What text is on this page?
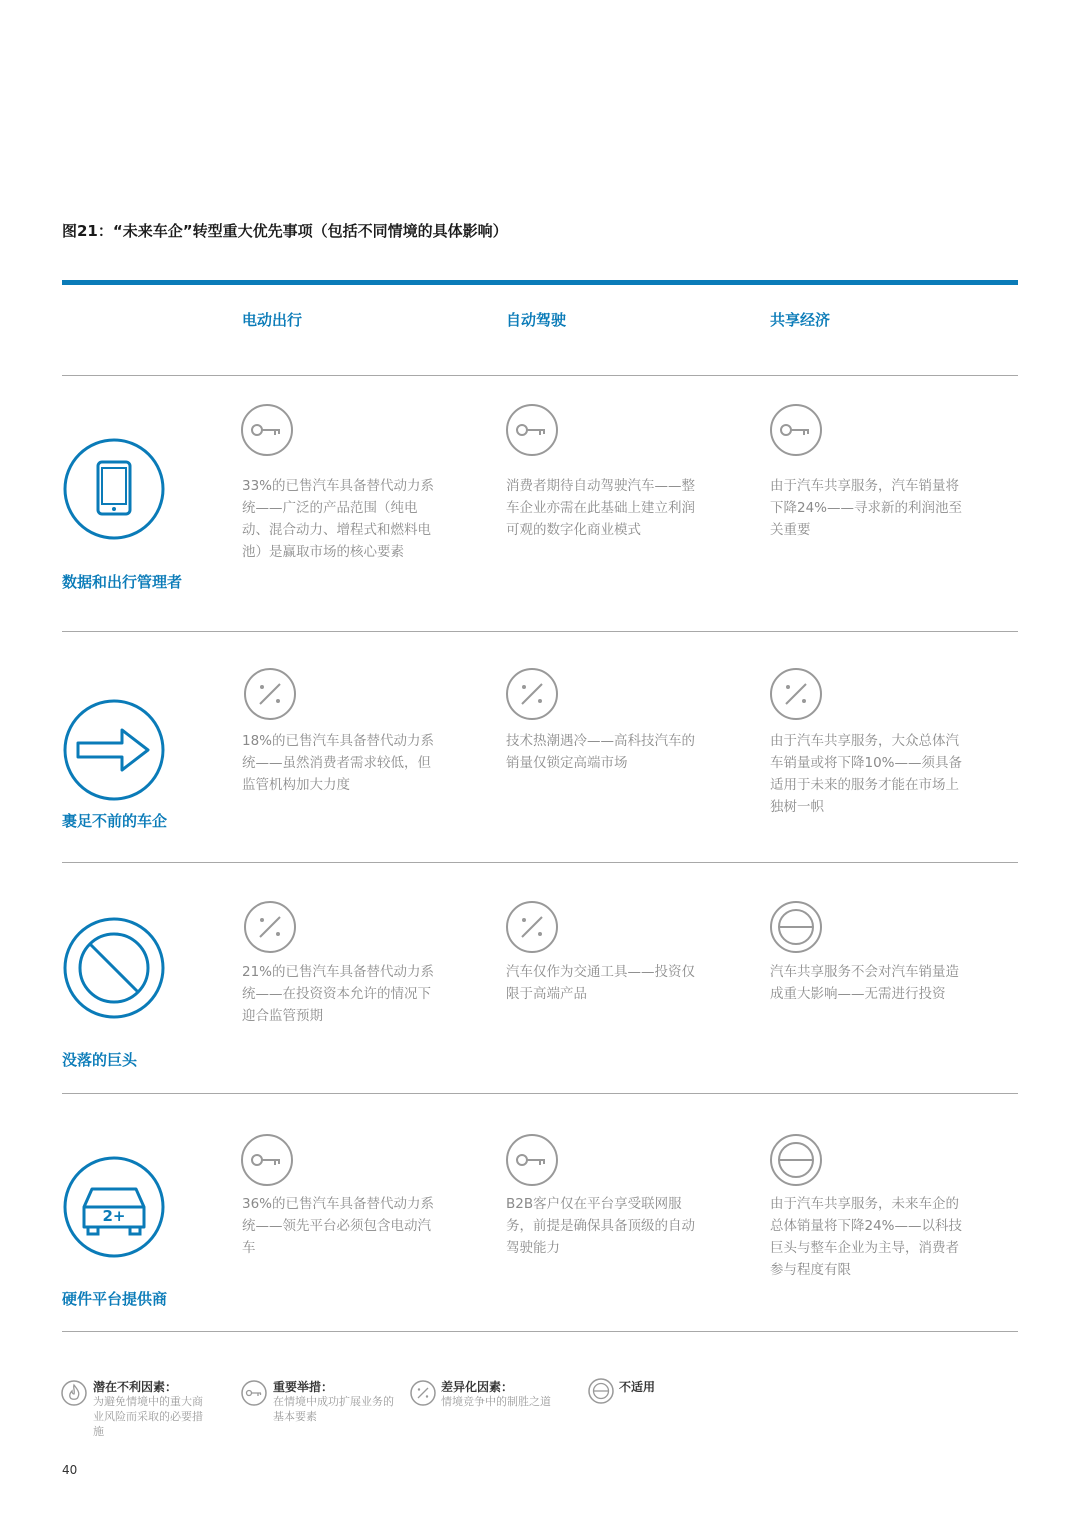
图21：“未来车企”转型重大优先事项（包括不同情境的具体影响）
电动出行	自动驾驶	共享经济
数据和出行管理者
33%的已售汽车具备替代动力系统——广泛的产品范围（纯电动、混合动力、增程式和燃料电池）是赢取市场的核心要素
消费者期待自动驾驶汽车——整车企业亦需在此基础上建立利润可观的数字化商业模式
由于汽车共享服务，汽车销量将下降24%——寻求新的利润池至关重要
裹足不前的车企
18%的已售汽车具备替代动力系统——虽然消费者需求较低，但监管机构加大力度
技术热潮遇冷——高科技汽车的销量仅锁定高端市场
由于汽车共享服务，大众总体汽车销量或将下降10%——须具备适用于未来的服务才能在市场上独树一帜
没落的巨头
21%的已售汽车具备替代动力系统——在投资资本允许的情况下迎合监管预期
汽车仅作为交通工具——投资仅限于高端产品
汽车共享服务不会对汽车销量造成重大影响——无需进行投资
2+
硬件平台提供商
36%的已售汽车具备替代动力系统——领先平台必须包含电动汽车
B2B客户仅在平台享受联网服务，前提是确保具备顶级的自动驾驶能力
由于汽车共享服务，未来车企的总体销量将下降24%——以科技巨头与整车企业为主导，消费者参与程度有限
潜在不利因素：
为避免情境中的重大商业风险而采取的必要措施
重要举措：
在情境中成功扩展业务的基本要素
差异化因素：
情境竞争中的制胜之道
不适用
40
